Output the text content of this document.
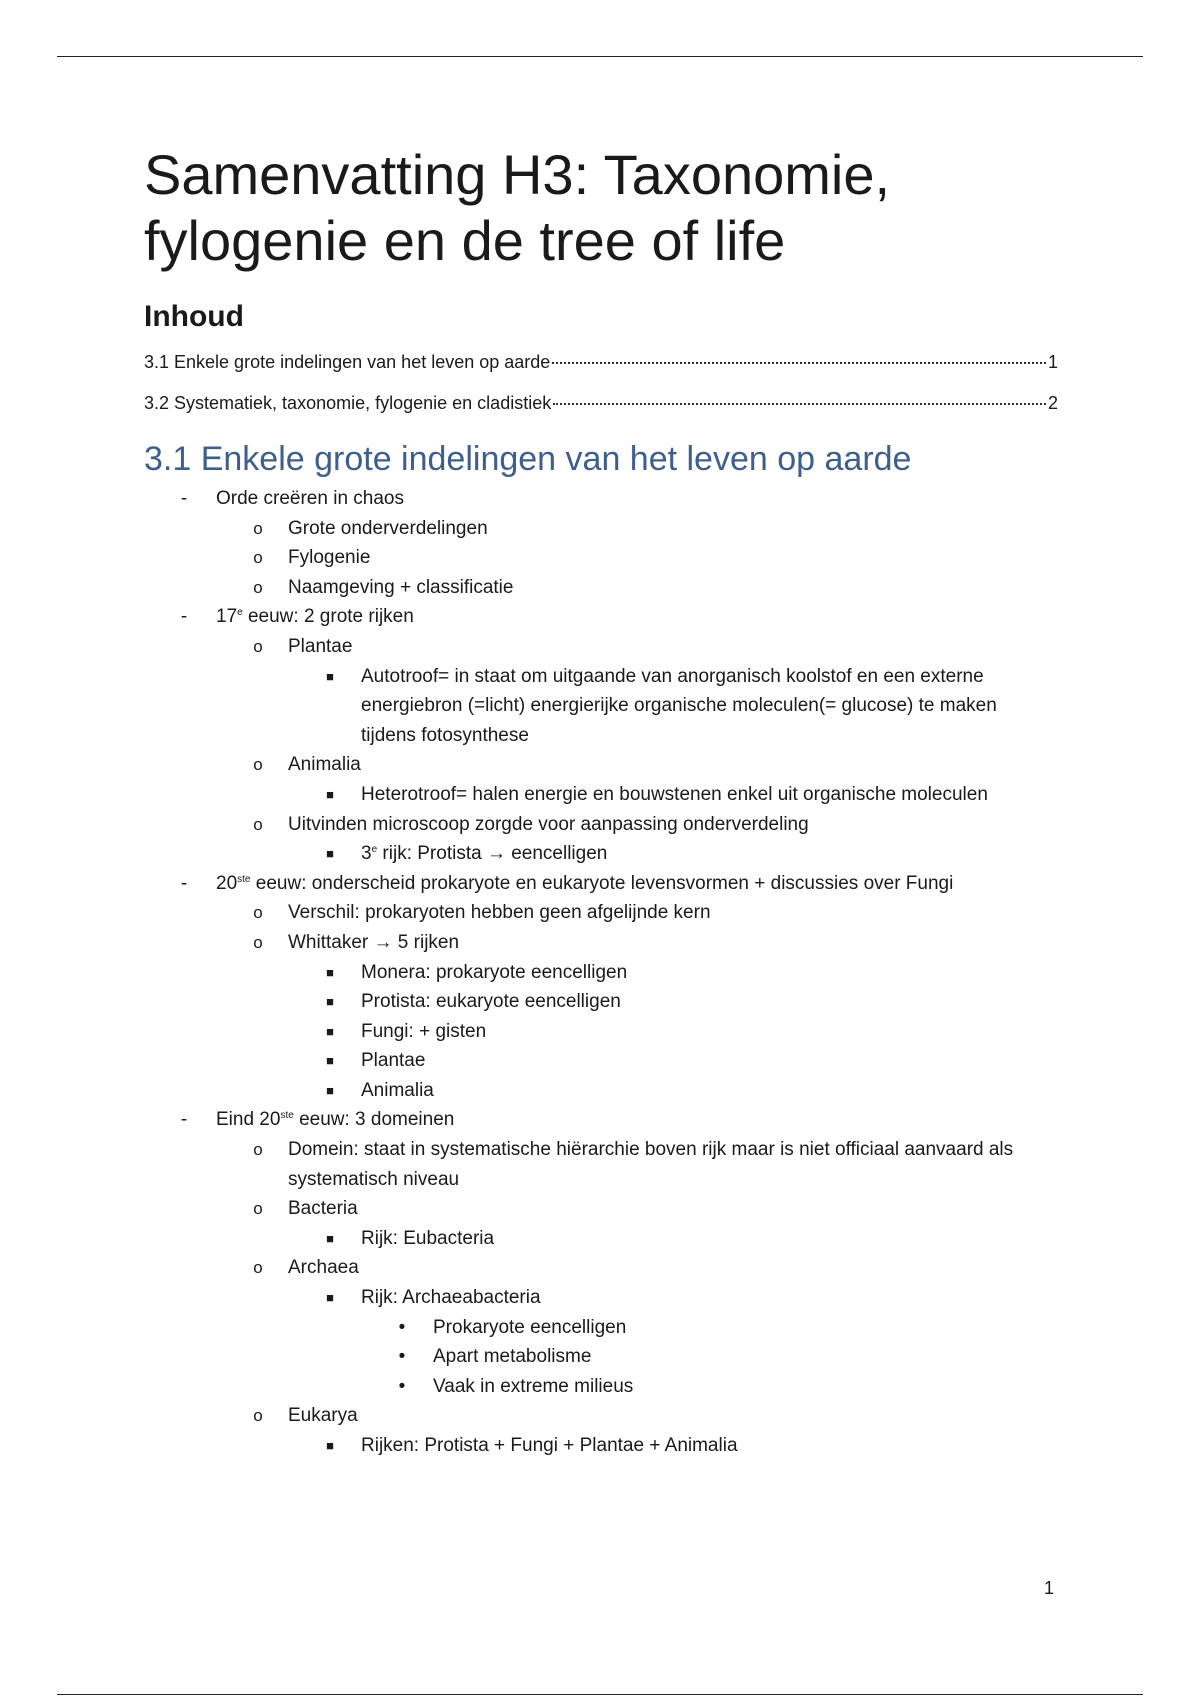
Samenvatting H3: Taxonomie, fylogenie en de tree of life
Inhoud
3.1 Enkele grote indelingen van het leven op aarde	1
3.2 Systematiek, taxonomie, fylogenie en cladistiek	2
3.1 Enkele grote indelingen van het leven op aarde
-	Orde creëren in chaos
o Grote onderverdelingen
o Fylogenie
o Naamgeving + classificatie
-	17e eeuw: 2 grote rijken
o Plantae
■	Autotroof= in staat om uitgaande van anorganisch koolstof en een externe energiebron (=licht) energierijke organische moleculen(= glucose) te maken tijdens fotosynthese
o Animalia
■	Heterotroof= halen energie en bouwstenen enkel uit organische moleculen
o Uitvinden microscoop zorgde voor aanpassing onderverdeling
■	3e rijk: Protista → eencelligen
-	20ste eeuw: onderscheid prokaryote en eukaryote levensvormen + discussies over Fungi
o Verschil: prokaryoten hebben geen afgelijnde kern
o Whittaker → 5 rijken
■	Monera: prokaryote eencelligen
■	Protista: eukaryote eencelligen
■	Fungi: + gisten
■	Plantae
■	Animalia
-	Eind 20ste eeuw: 3 domeinen
o Domein: staat in systematische hiërarchie boven rijk maar is niet officiaal aanvaard als systematisch niveau
o Bacteria
■	Rijk: Eubacteria
o Archaea
■	Rijk: Archaeabacteria
•	Prokaryote eencelligen
•	Apart metabolisme
•	Vaak in extreme milieus
o Eukarya
■	Rijken: Protista + Fungi + Plantae + Animalia
1
